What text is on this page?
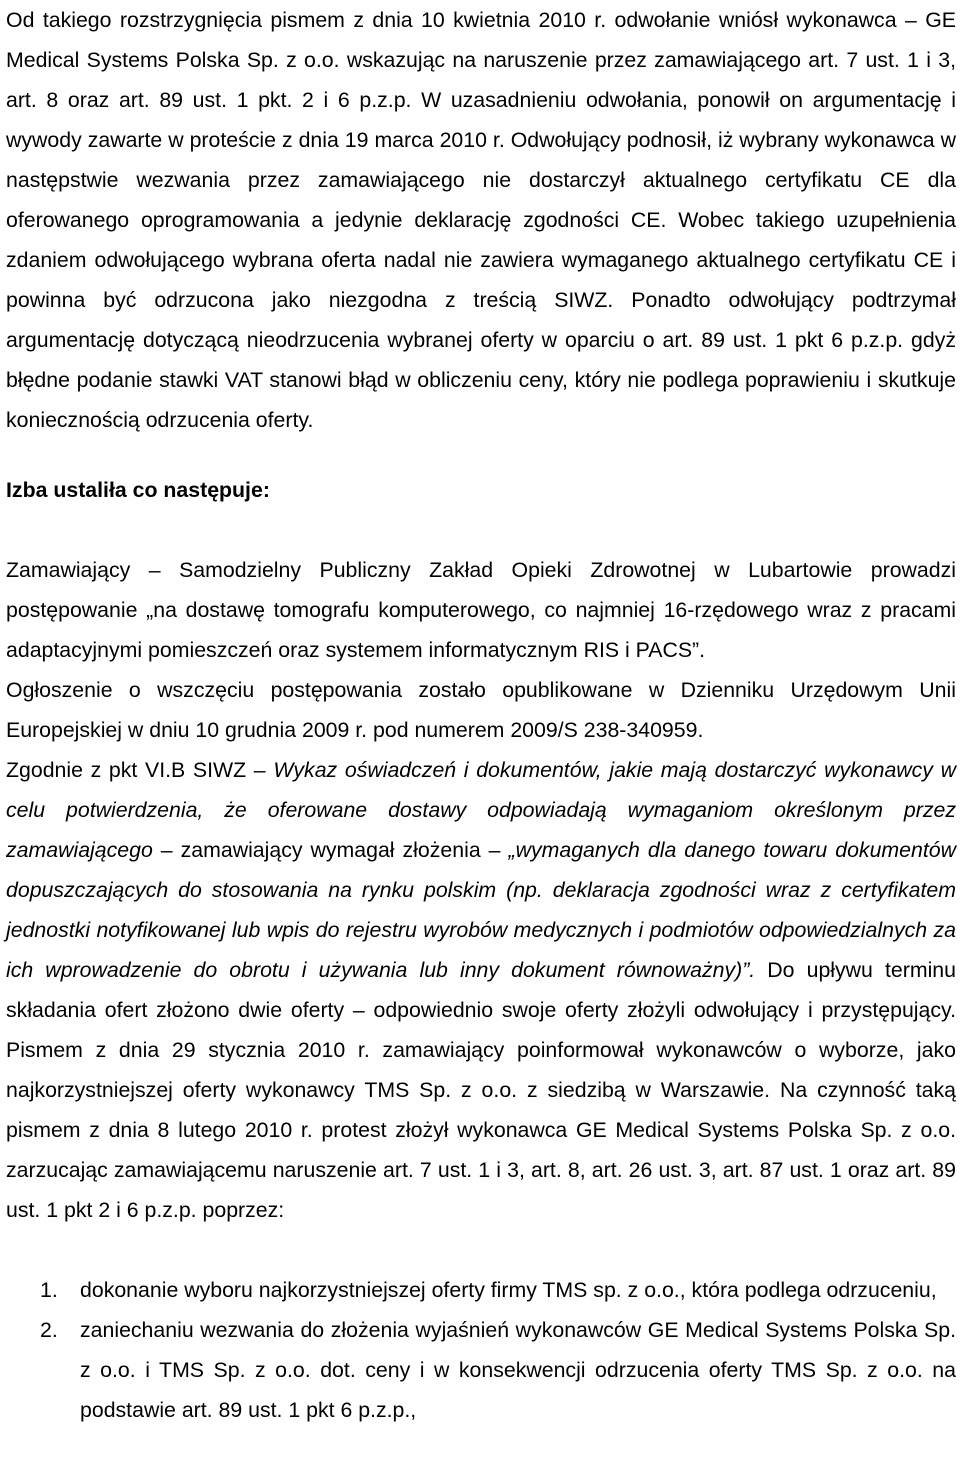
Od takiego rozstrzygnięcia pismem z dnia 10 kwietnia 2010 r. odwołanie wniósł wykonawca – GE Medical Systems Polska Sp. z o.o. wskazując na naruszenie przez zamawiającego art. 7 ust. 1 i 3, art. 8 oraz art. 89 ust. 1 pkt. 2 i 6 p.z.p. W uzasadnieniu odwołania, ponowił on argumentację i wywody zawarte w proteście z dnia 19 marca 2010 r. Odwołujący podnosił, iż wybrany wykonawca w następstwie wezwania przez zamawiającego nie dostarczył aktualnego certyfikatu CE dla oferowanego oprogramowania a jedynie deklarację zgodności CE. Wobec takiego uzupełnienia zdaniem odwołującego wybrana oferta nadal nie zawiera wymaganego aktualnego certyfikatu CE i powinna być odrzucona jako niezgodna z treścią SIWZ. Ponadto odwołujący podtrzymał argumentację dotyczącą nieodrzucenia wybranej oferty w oparciu o art. 89 ust. 1 pkt 6 p.z.p. gdyż błędne podanie stawki VAT stanowi błąd w obliczeniu ceny, który nie podlega poprawieniu i skutkuje koniecznością odrzucenia oferty.

Izba ustaliła co następuje:

Zamawiający – Samodzielny Publiczny Zakład Opieki Zdrowotnej w Lubartowie prowadzi postępowanie „na dostawę tomografu komputerowego, co najmniej 16-rzędowego wraz z pracami adaptacyjnymi pomieszczeń oraz systemem informatycznym RIS i PACS”.

Ogłoszenie o wszczęciu postępowania zostało opublikowane w Dzienniku Urzędowym Unii Europejskiej w dniu 10 grudnia 2009 r. pod numerem 2009/S 238-340959.

Zgodnie z pkt VI.B SIWZ – Wykaz oświadczeń i dokumentów, jakie mają dostarczyć wykonawcy w celu potwierdzenia, że oferowane dostawy odpowiadają wymaganiom określonym przez zamawiającego – zamawiający wymagał złożenia – „wymaganych dla danego towaru dokumentów dopuszczających do stosowania na rynku polskim (np. deklaracja zgodności wraz z certyfikatem jednostki notyfikowanej lub wpis do rejestru wyrobów medycznych i podmiotów odpowiedzialnych za ich wprowadzenie do obrotu i używania lub inny dokument równoważny)”. Do upływu terminu składania ofert złożono dwie oferty – odpowiednio swoje oferty złożyli odwołujący i przystępujący. Pismem z dnia 29 stycznia 2010 r. zamawiający poinformował wykonawców o wyborze, jako najkorzystniejszej oferty wykonawcy TMS Sp. z o.o. z siedzibą w Warszawie. Na czynność taką pismem z dnia 8 lutego 2010 r. protest złożył wykonawca GE Medical Systems Polska Sp. z o.o. zarzucając zamawiającemu naruszenie art. 7 ust. 1 i 3, art. 8, art. 26 ust. 3, art. 87 ust. 1 oraz art. 89 ust. 1 pkt 2 i 6 p.z.p. poprzez:

1. dokonanie wyboru najkorzystniejszej oferty firmy TMS sp. z o.o., która podlega odrzuceniu,
2. zaniechaniu wezwania do złożenia wyjaśnień wykonawców GE Medical Systems Polska Sp. z o.o. i TMS Sp. z o.o. dot. ceny i w konsekwencji odrzucenia oferty TMS Sp. z o.o. na podstawie art. 89 ust. 1 pkt 6 p.z.p.,
